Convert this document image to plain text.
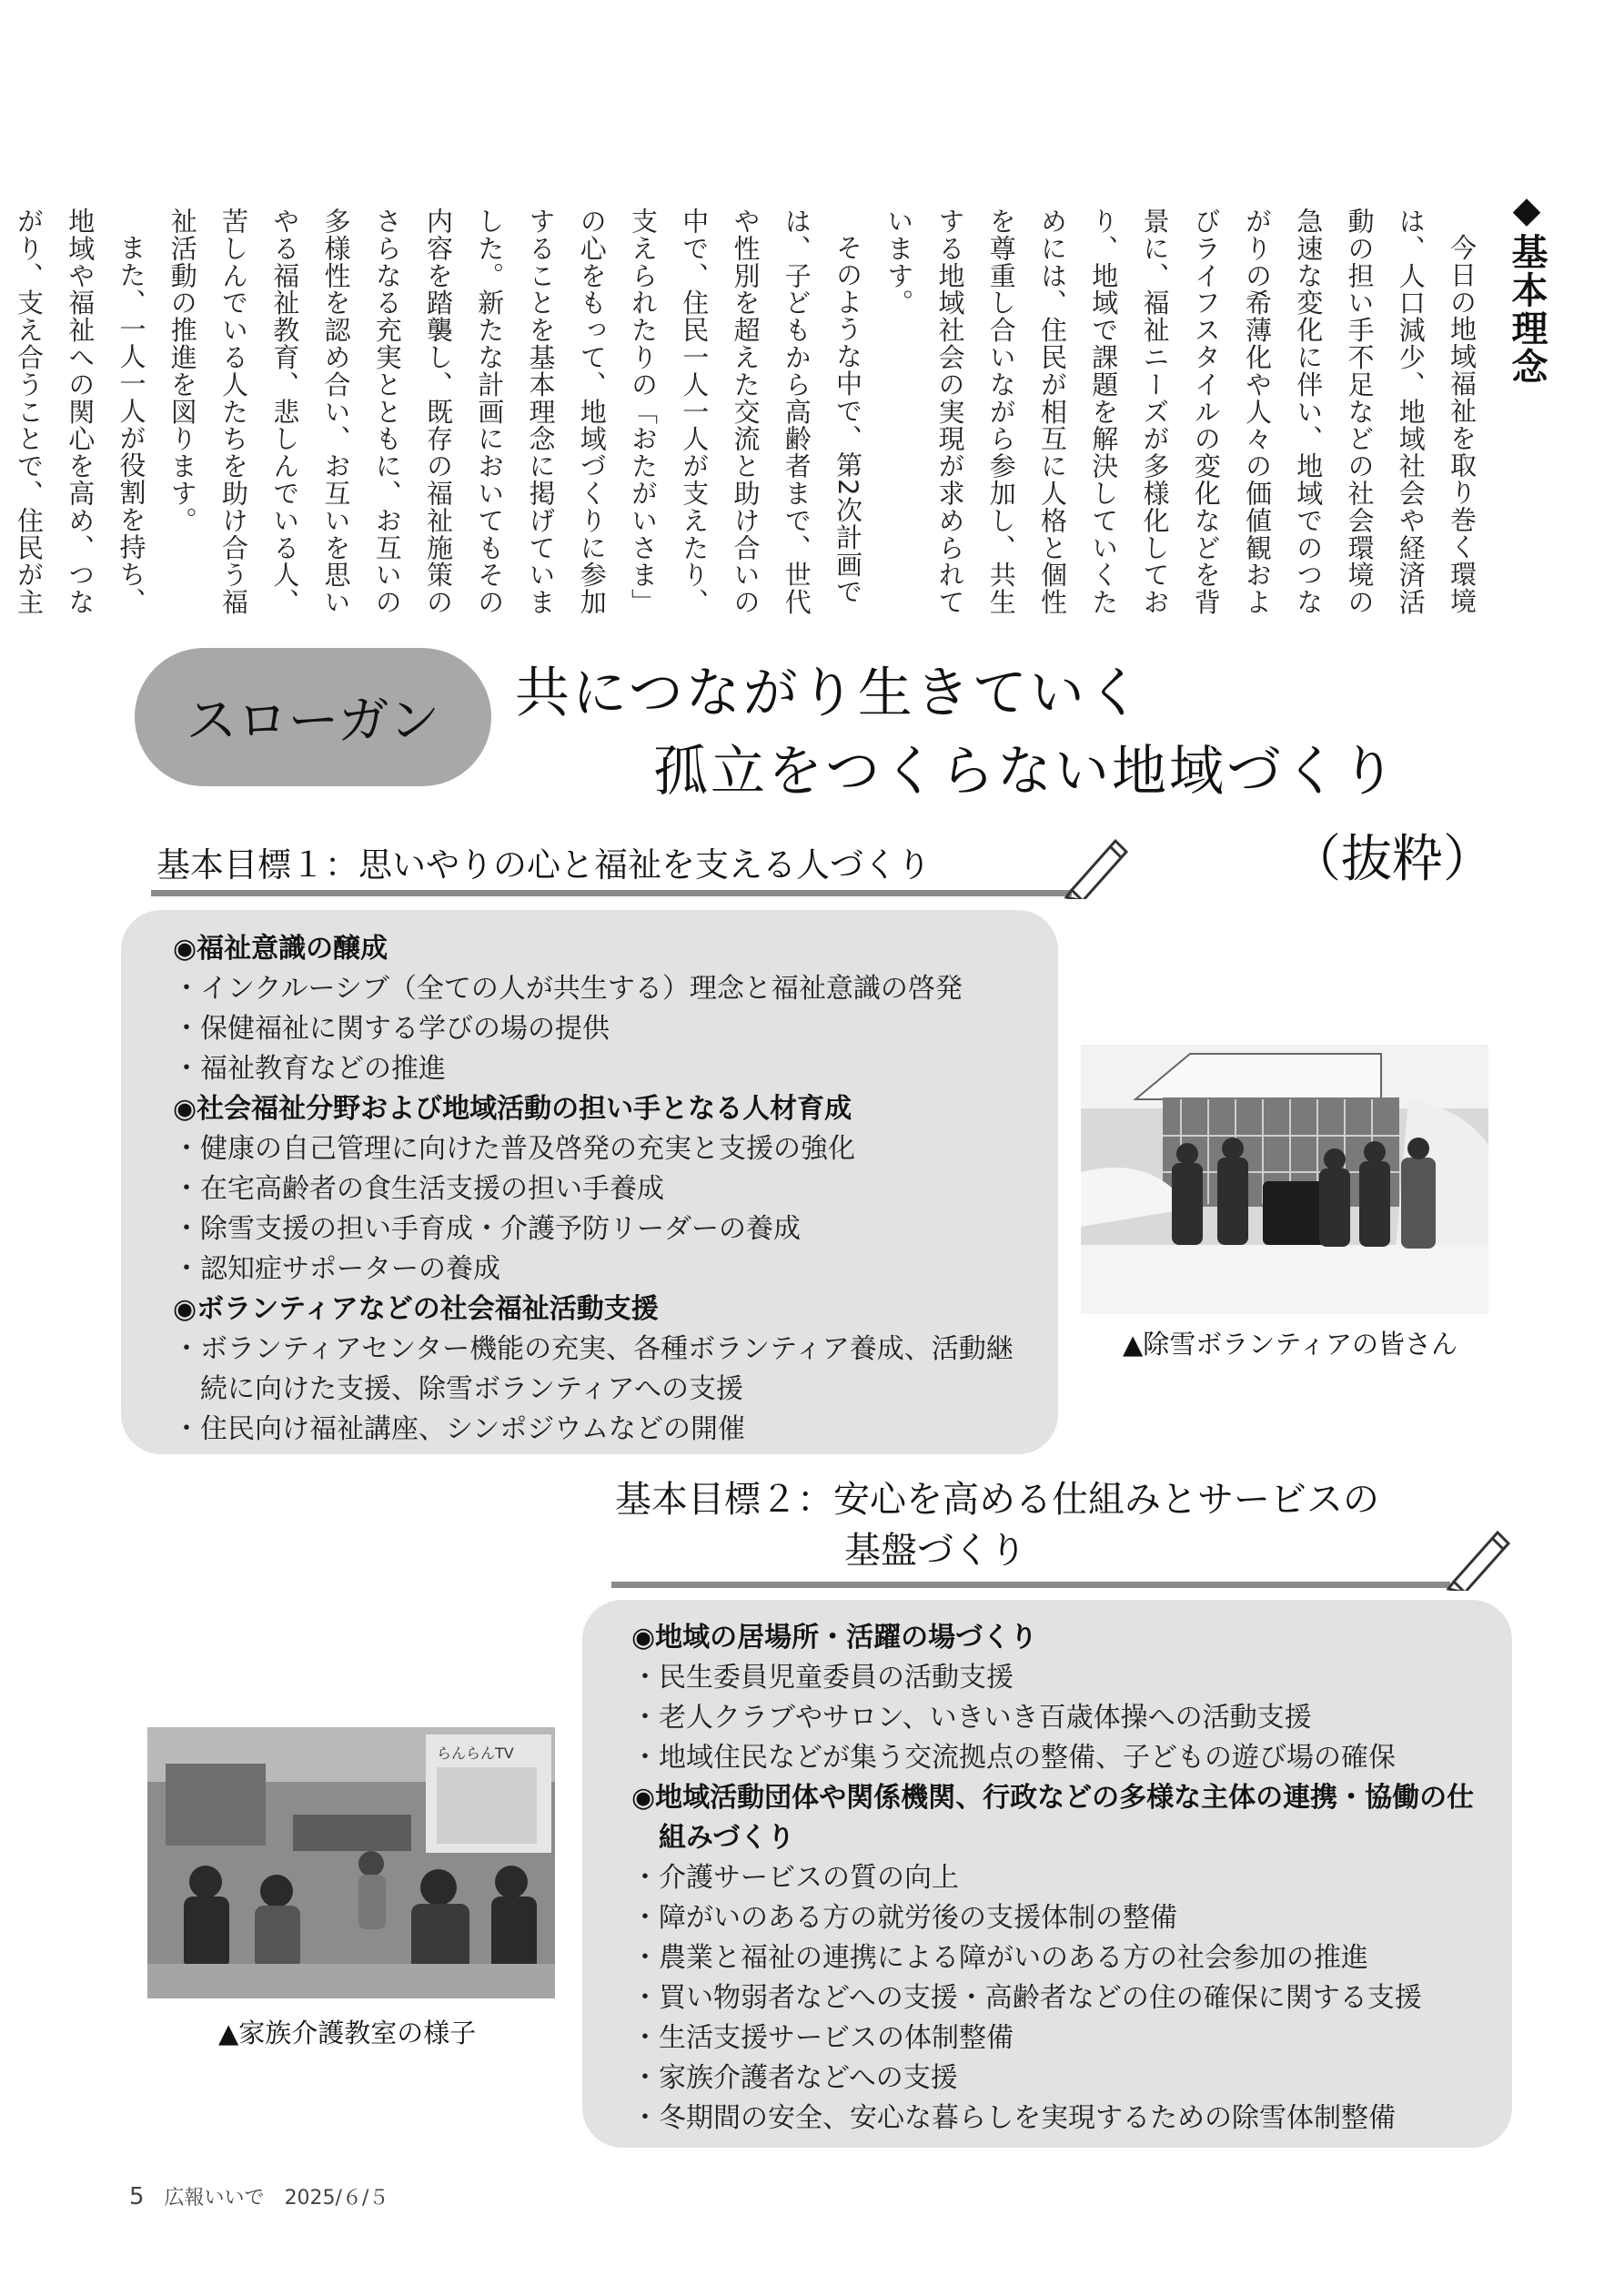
◆基本理念

今日の地域福祉を取り巻く環境は、人口減少、地域社会や経済活動の担い手不足などの社会環境の急速な変化に伴い、地域でのつながりの希薄化や人々の価値観およびライフスタイルの変化などを背景に、福祉ニーズが多様化しており、地域で課題を解決していくためには、住民が相互に人格と個性を尊重し合いながら参加し、共生する地域社会の実現が求められています。

そのような中で、第2次計画では、子どもから高齢者まで、世代や性別を超えた交流と助け合いの中で、住民一人一人が支えたり、支えられたりの「おたがいさま」の心をもって、地域づくりに参加することを基本理念に掲げていました。新たな計画においてもその内容を踏襲し、既存の福祉施策のさらなる充実とともに、お互いの多様性を認め合い、お互いを思いやる福祉教育、悲しんでいる人、苦しんでいる人たちを助け合う福祉活動の推進を図ります。

また、一人一人が役割を持ち、地域や福祉への関心を高め、つながり、支え合うことで、住民が主

スローガン 共につながり生きていく
孤立をつくらない地域づくり
（抜粋）
基本目標１：思いやりの心と福祉を支える人づくり
◉福祉意識の醸成
・インクルーシブ（全ての人が共生する）理念と福祉意識の啓発
・保健福祉に関する学びの場の提供
・福祉教育などの推進
◉社会福祉分野および地域活動の担い手となる人材育成
・健康の自己管理に向けた普及啓発の充実と支援の強化
・在宅高齢者の食生活支援の担い手養成
・除雪支援の担い手育成・介護予防リーダーの養成
・認知症サポーターの養成
◉ボランティアなどの社会福祉活動支援
・ボランティアセンター機能の充実、各種ボランティア養成、活動継
　続に向けた支援、除雪ボランティアへの支援
・住民向け福祉講座、シンポジウムなどの開催
▲除雪ボランティアの皆さん
基本目標２：安心を高める仕組みとサービスの
基盤づくり
◉地域の居場所・活躍の場づくり
・民生委員児童委員の活動支援
・老人クラブやサロン、いきいき百歳体操への活動支援
・地域住民などが集う交流拠点の整備、子どもの遊び場の確保
◉地域活動団体や関係機関、行政などの多様な主体の連携・協働の仕
　組みづくり
・介護サービスの質の向上
・障がいのある方の就労後の支援体制の整備
・農業と福祉の連携による障がいのある方の社会参加の推進
・買い物弱者などへの支援・高齢者などの住の確保に関する支援
・生活支援サービスの体制整備
・家族介護者などへの支援
・冬期間の安全、安心な暮らしを実現するための除雪体制整備
らんらんTV
▲家族介護教室の様子
5 広報いいで 2025/６/５
